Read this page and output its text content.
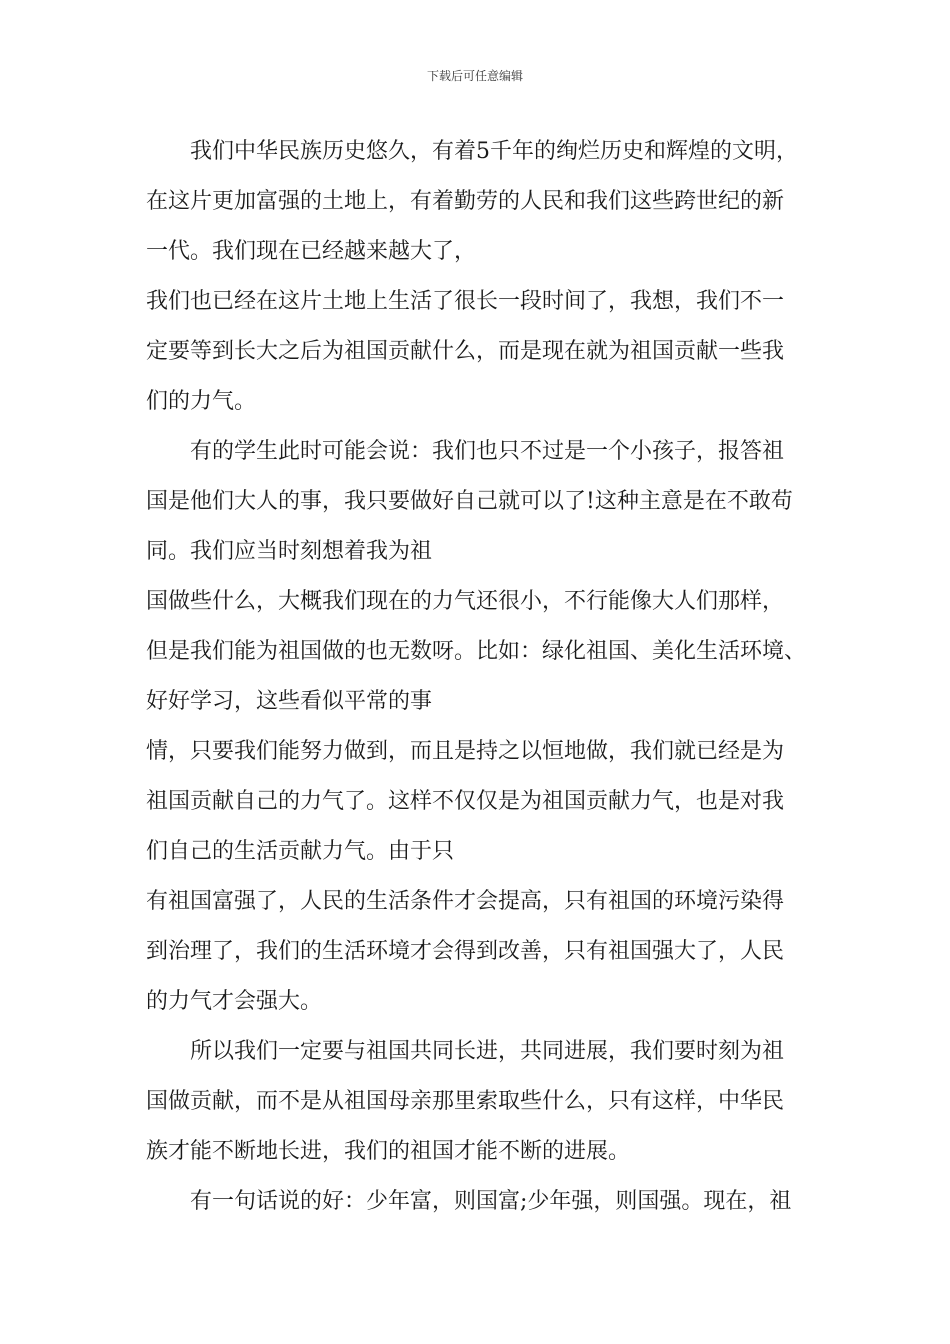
下载后可任意编辑
我们中华民族历史悠久，有着5千年的绚烂历史和辉煌的文明，
在这片更加富强的土地上，有着勤劳的人民和我们这些跨世纪的新
一代。我们现在已经越来越大了，
我们也已经在这片土地上生活了很长一段时间了，我想，我们不一
定要等到长大之后为祖国贡献什么，而是现在就为祖国贡献一些我
们的力气。
有的学生此时可能会说：我们也只不过是一个小孩子，报答祖
国是他们大人的事，我只要做好自己就可以了!这种主意是在不敢苟
同。我们应当时刻想着我为祖
国做些什么，大概我们现在的力气还很小，不行能像大人们那样，
但是我们能为祖国做的也无数呀。比如：绿化祖国、美化生活环境、
好好学习，这些看似平常的事
情，只要我们能努力做到，而且是持之以恒地做，我们就已经是为
祖国贡献自己的力气了。这样不仅仅是为祖国贡献力气，也是对我
们自己的生活贡献力气。由于只
有祖国富强了，人民的生活条件才会提高，只有祖国的环境污染得
到治理了，我们的生活环境才会得到改善，只有祖国强大了，人民
的力气才会强大。
所以我们一定要与祖国共同长进，共同进展，我们要时刻为祖
国做贡献，而不是从祖国母亲那里索取些什么，只有这样，中华民
族才能不断地长进，我们的祖国才能不断的进展。
有一句话说的好：少年富，则国富;少年强，则国强。现在，祖
